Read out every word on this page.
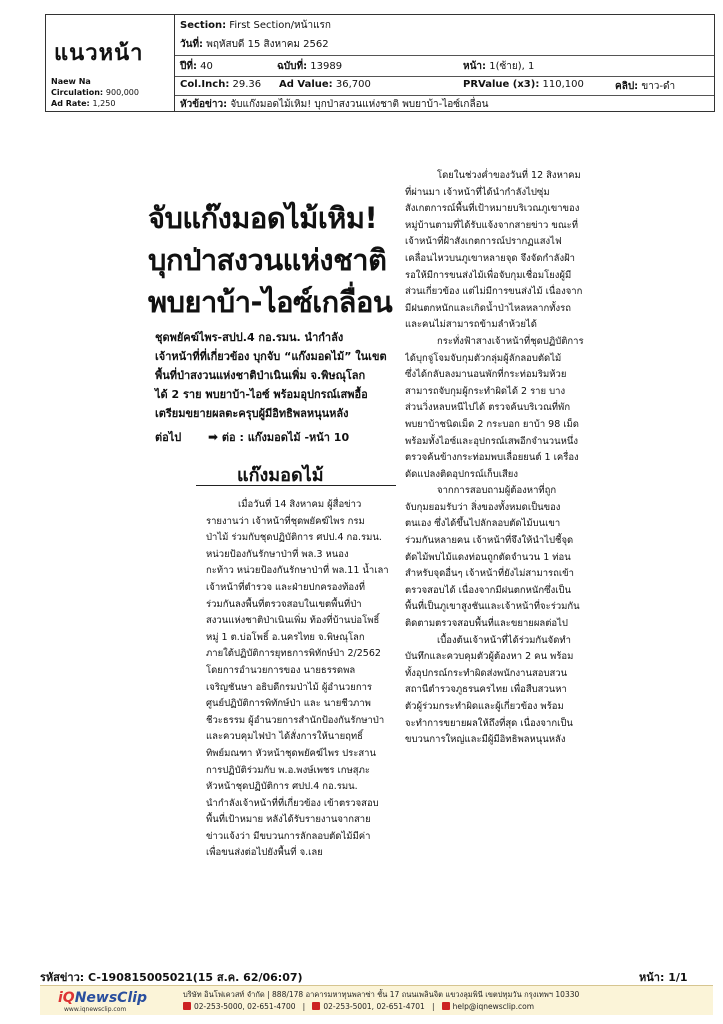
แนวหน้า
Naew Na
Circulation: 900,000
Ad Rate: 1,250
Section: First Section/หน้าแรก
วันที่: พฤหัสบดี 15 สิงหาคม 2562
ปีที่: 40	ฉบับที่: 13989	หน้า: 1(ซ้าย), 1
Col.Inch: 29.36 Ad Value: 36,700	PRValue (x3): 110,100	คลิป: ขาว-ดำ
หัวข้อข่าว: จับแก๊งมอดไม้เหิม! บุกป่าสงวนแห่งชาติ พบยาบ้า-ไอซ์เกลื่อน
จับแก๊งมอดไม้เหิม!
บุกป่าสงวนแห่งชาติ
พบยาบ้า-ไอซ์เกลื่อน
ชุดพยัคฆ์ไพร-สปป.4 กอ.รมน. นำกำลัง
เจ้าหน้าที่ที่เกี่ยวข้อง บุกจับ “แก๊งมอดไม้” ในเขต
พื้นที่ป่าสงวนแห่งชาติป่าเนินเพิ่ม จ.พิษณุโลก
ได้ 2 ราย พบยาบ้า-ไอซ์ พร้อมอุปกรณ์เสพอื้อ
เตรียมขยายผลตะครุบผู้มีอิทธิพลหนุนหลัง
ต่อไป ➡ ต่อ : แก๊งมอดไม้ -หน้า 10
แก๊งมอดไม้

เมื่อวันที่ 14 สิงหาคม ผู้สื่อข่าว

รายงานว่า เจ้าหน้าที่ชุดพยัคฆ์ไพร กรม

ป่าไม้ ร่วมกับชุดปฏิบัติการ ศปป.4 กอ.รมน.

หน่วยป้องกันรักษาป่าที่ พล.3 หนอง

กะท้าว หน่วยป้องกันรักษาป่าที่ พล.11 น้ำเลา

เจ้าหน้าที่ตำรวจ และฝ่ายปกครองท้องที่

ร่วมกันลงพื้นที่ตรวจสอบในเขตพื้นที่ป่า

สงวนแห่งชาติป่าเนินเพิ่ม ท้องที่บ้านบ่อโพธิ์

หมู่ 1 ต.บ่อโพธิ์ อ.นครไทย จ.พิษณุโลก

ภายใต้ปฏิบัติการยุทธการพิทักษ์ป่า 2/2562

โดยการอำนวยการของ นายธรรดพล

เจริญชันษา อธิบดีกรมป่าไม้ ผู้อำนวยการ

ศูนย์ปฏิบัติการพิทักษ์ป่า และ นายชีวภาพ

ชีวะธรรม ผู้อำนวยการสำนักป้องกันรักษาป่า

และควบคุมไฟป่า ได้สั่งการให้นายฤทธิ์

ทิพย์มณฑา หัวหน้าชุดพยัคฆ์ไพร ประสาน

การปฏิบัติร่วมกับ พ.อ.พงษ์เพชร เกษสุภะ

หัวหน้าชุดปฏิบัติการ ศปป.4 กอ.รมน.

นำกำลังเจ้าหน้าที่ที่เกี่ยวข้อง เข้าตรวจสอบ

พื้นที่เป้าหมาย หลังได้รับรายงานจากสาย

ข่าวแจ้งว่า มีขบวนการลักลอบตัดไม้มีค่า

เพื่อขนส่งต่อไปยังพื้นที่ จ.เลย

โดยในช่วงค่ำของวันที่ 12 สิงหาคม

ที่ผ่านมา เจ้าหน้าที่ได้นำกำลังไปซุ่ม

สังเกตการณ์พื้นที่เป้าหมายบริเวณภูเขาของ

หมู่บ้านตามที่ได้รับแจ้งจากสายข่าว ขณะที่

เจ้าหน้าที่ฝ้าสังเกตการณ์ปรากฏแสงไฟ

เคลื่อนไหวบนภูเขาหลายจุด จึงจัดกำลังฝ้า

รอให้มีการขนส่งไม้เพื่อจับกุมเชื่อมโยงผู้มี

ส่วนเกี่ยวข้อง แต่ไม่มีการขนส่งไม้ เนื่องจาก

มีฝนตกหนักและเกิดน้ำป่าไหลหลากทั้งรถ

และคนไม่สามารถข้ามลำห้วยได้

กระทั่งฟ้าสางเจ้าหน้าที่ชุดปฏิบัติการ

ได้บุกจู่โจมจับกุมตัวกลุ่มผู้ลักลอบตัดไม้

ซึ่งได้กลับลงมานอนพักที่กระท่อมริมห้วย

สามารถจับกุมผู้กระทำผิดได้ 2 ราย บาง

ส่วนวิ่งหลบหนีไปได้ ตรวจค้นบริเวณที่พัก

พบยาบ้าชนิดเม็ด 2 กระบอก ยาบ้า 98 เม็ด

พร้อมทั้งไอซ์และอุปกรณ์เสพอีกจำนวนหนึ่ง

ตรวจค้นข้างกระท่อมพบเลื่อยยนต์ 1 เครื่อง

ดัดแปลงติดอุปกรณ์เก็บเสียง

จากการสอบถามผู้ต้องหาที่ถูก

จับกุมยอมรับว่า สิ่งของทั้งหมดเป็นของ

ตนเอง ซึ่งได้ขึ้นไปลักลอบตัดไม้บนเขา

ร่วมกันหลายคน เจ้าหน้าที่จึงให้นำไปชี้จุด

ตัดไม้พบไม้แดงท่อนถูกตัดจำนวน 1 ท่อน

สำหรับจุดอื่นๆ เจ้าหน้าที่ยังไม่สามารถเข้า

ตรวจสอบได้ เนื่องจากมีฝนตกหนักซึ่งเป็น

พื้นที่เป็นภูเขาสูงชันและเจ้าหน้าที่จะร่วมกัน

ติดตามตรวจสอบพื้นที่และขยายผลต่อไป

เบื้องต้นเจ้าหน้าที่ได้ร่วมกันจัดทำ

บันทึกและควบคุมตัวผู้ต้องหา 2 คน พร้อม

ทั้งอุปกรณ์กระทำผิดส่งพนักงานสอบสวน

สถานีตำรวจภูธรนครไทย เพื่อสืบสวนหา

ตัวผู้ร่วมกระทำผิดและผู้เกี่ยวข้อง พร้อม

จะทำการขยายผลให้ถึงที่สุด เนื่องจากเป็น

ขบวนการใหญ่และมีผู้มีอิทธิพลหนุนหลัง

รหัสข่าว: C-190815005021(15 ส.ค. 62/06:07)	หน้า: 1/1
iQNewsClip
www.iqnewsclip.com
บริษัท อินโฟเควสท์ จำกัด | 888/178 อาคารมหาทุนพลาซ่า ชั้น 17 ถนนเพลินจิต แขวงลุมพินี เขตปทุมวัน กรุงเทพฯ 10330
02-253-5000, 02-651-4700   |   02-253-5001, 02-651-4701   |   help@iqnewsclip.com
